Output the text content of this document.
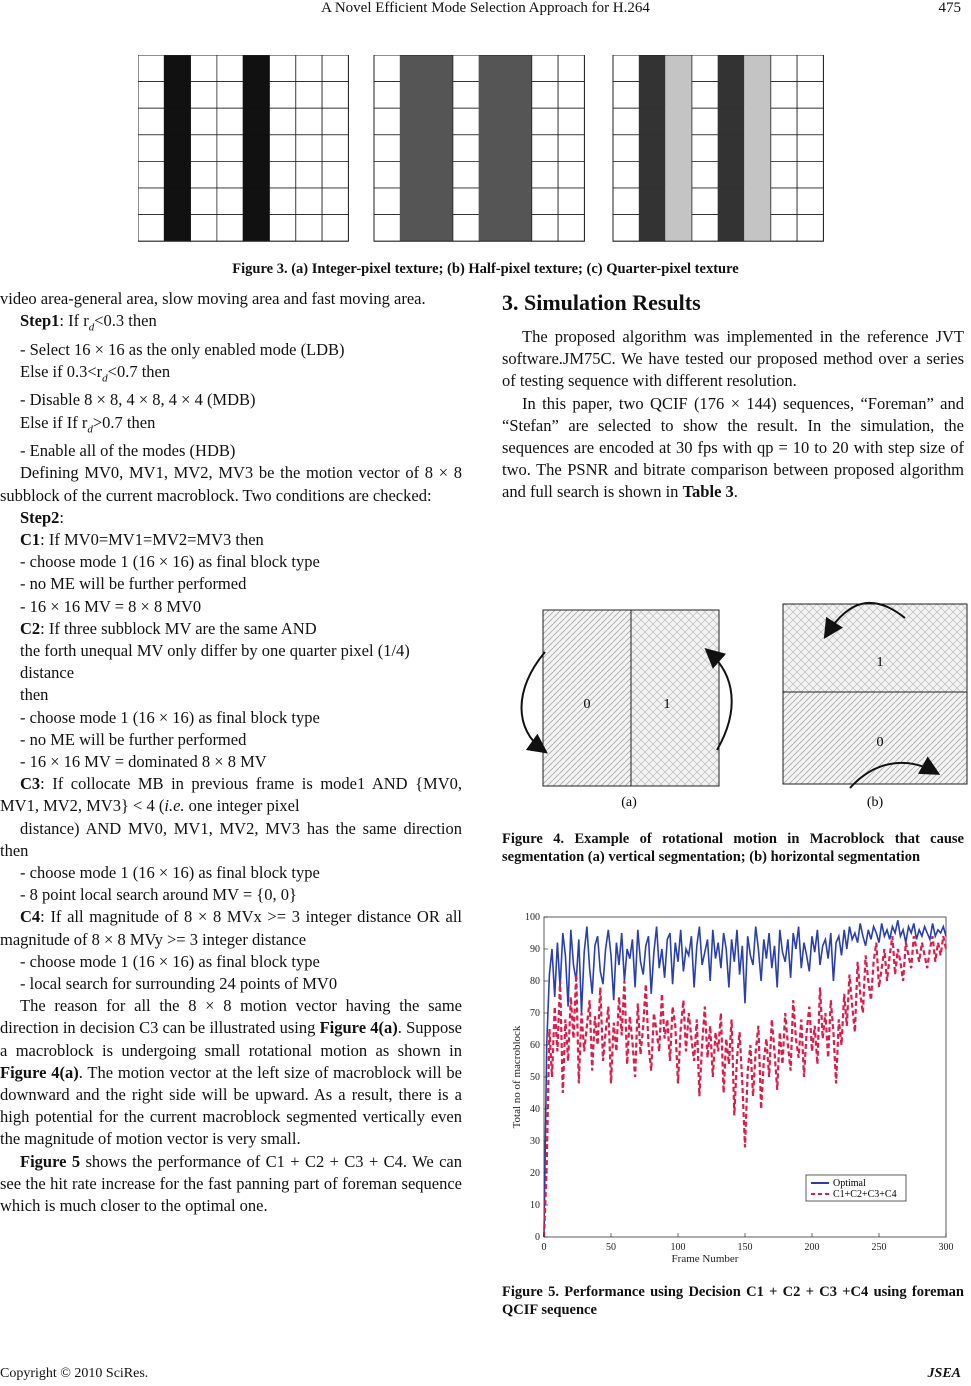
A Novel Efficient Mode Selection Approach for H.264	475
Figure 3. (a) Integer-pixel texture; (b) Half-pixel texture; (c) Quarter-pixel texture

video area-general area, slow moving area and fast moving area.

Step1: If $r_d<0.3$ then

- Select 16 × 16 as the only enabled mode (LDB)

Else if $0.3<r_d<0.7$ then

- Disable 8 × 8, 4 × 8, 4 × 4 (MDB)

Else if If $r_d>0.7$ then

- Enable all of the modes (HDB)

Defining MV0, MV1, MV2, MV3 be the motion vector of 8 × 8 subblock of the current macroblock. Two conditions are checked:

Step2:

C1: If MV0=MV1=MV2=MV3 then

- choose mode 1 (16 × 16) as final block type

- no ME will be further performed

- 16 × 16 MV = 8 × 8 MV0

C2: If three subblock MV are the same AND

the forth unequal MV only differ by one quarter pixel (1/4)

distance

then

- choose mode 1 (16 × 16) as final block type

- no ME will be further performed

- 16 × 16 MV = dominated 8 × 8 MV

C3: If collocate MB in previous frame is mode1 AND {MV0, MV1, MV2, MV3} < 4 (i.e. one integer pixel

distance) AND MV0, MV1, MV2, MV3 has the same direction then

- choose mode 1 (16 × 16) as final block type

- 8 point local search around MV = {0, 0}

C4: If all magnitude of 8 × 8 MVx >= 3 integer distance OR all magnitude of 8 × 8 MVy >= 3 integer distance

- choose mode 1 (16 × 16) as final block type

- local search for surrounding 24 points of MV0

The reason for all the 8 × 8 motion vector having the same direction in decision C3 can be illustrated using Figure 4(a). Suppose a macroblock is undergoing small rotational motion as shown in Figure 4(a). The motion vector at the left size of macroblock will be downward and the right side will be upward. As a result, there is a high potential for the current macroblock segmented vertically even the magnitude of motion vector is very small.

Figure 5 shows the performance of C1 + C2 + C3 + C4. We can see the hit rate increase for the fast panning part of foreman sequence which is much closer to the optimal one.

3. Simulation Results

The proposed algorithm was implemented in the reference JVT software.JM75C. We have tested our proposed method over a series of testing sequence with different resolution.

In this paper, two QCIF (176 × 144) sequences, “Foreman” and “Stefan” are selected to show the result. In the simulation, the sequences are encoded at 30 fps with qp = 10 to 20 with step size of two. The PSNR and bitrate comparison between proposed algorithm and full search is shown in Table 3.

0	1
(a)
1
0
(b)
Figure 4. Example of rotational motion in Macroblock that cause segmentation (a) vertical segmentation; (b) horizontal segmentation
0
10
20
30
40
50
60
70
80
90
100
0	50	100	150	200	250	300
Frame Number
Total no of macroblock
Optimal
C1+C2+C3+C4
Figure 5. Performance using Decision C1 + C2 + C3 +C4 using foreman QCIF sequence
Copyright © 2010 SciRes.	JSEA
